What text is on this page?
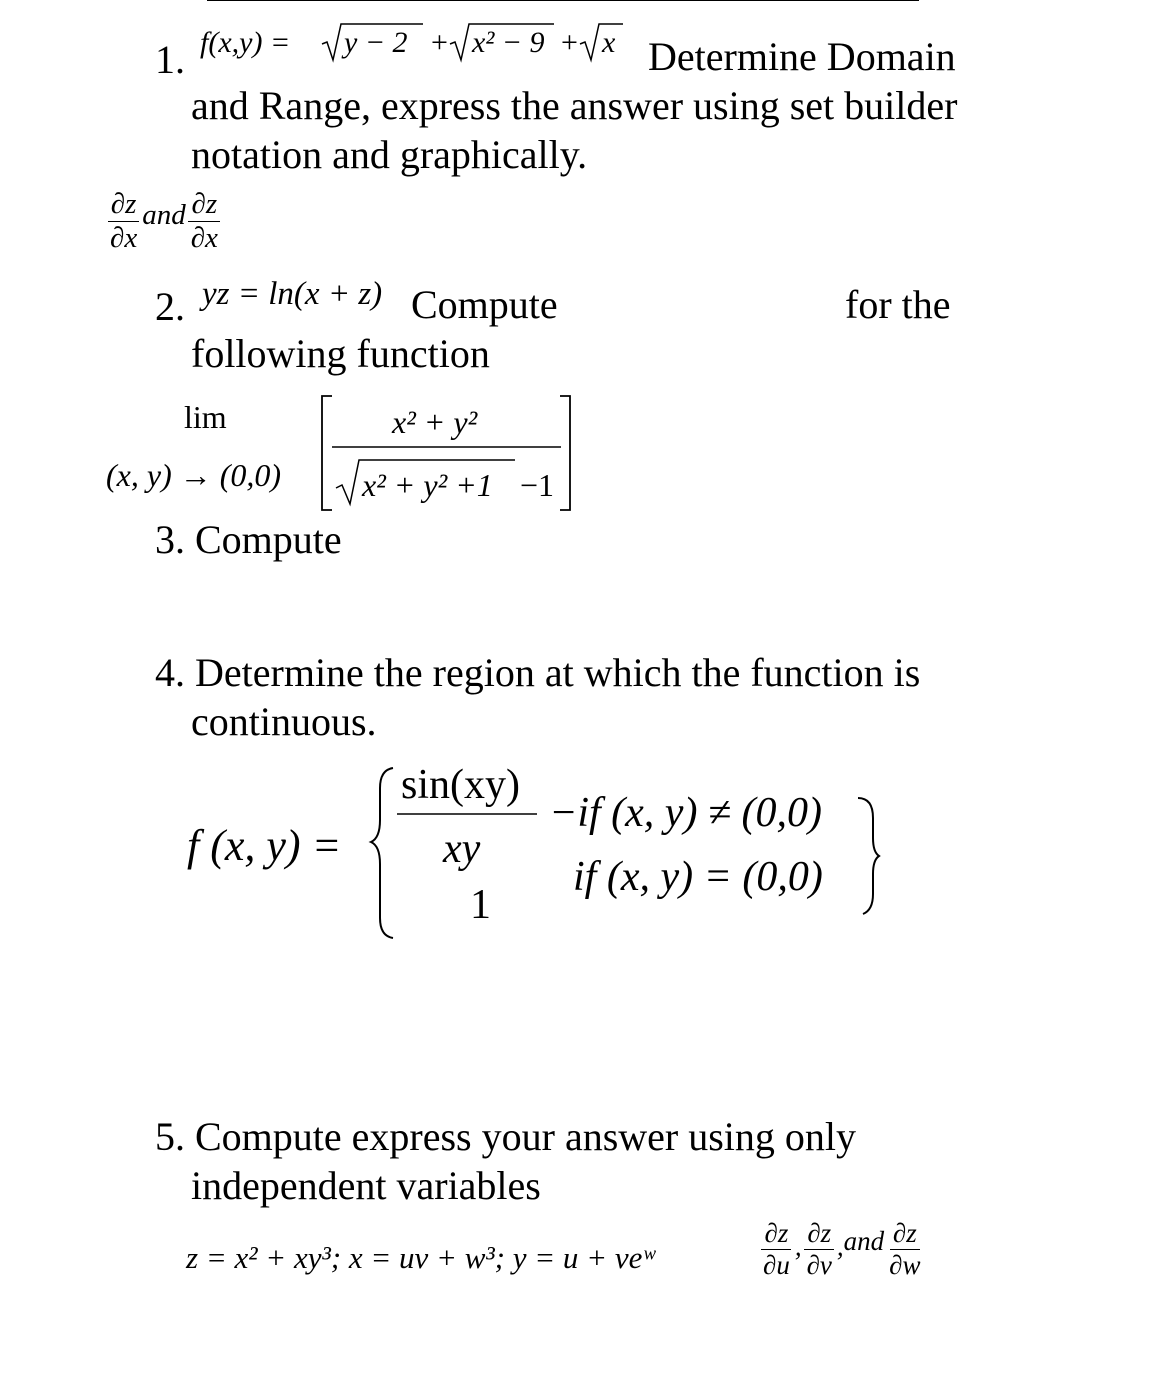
1. f(x,y) = y − 2 + x² − 9 + x Determine Domain
and Range, express the answer using set builder
notation and graphically.
$\frac{\partial z}{\partial x}$ and $\frac{\partial z}{\partial x}$
2. yz = ln(x + z) Compute	for the
following function
lim
(x, y) → (0,0)
x² + y²
x² + y² +1 −1
3. Compute
4. Determine the region at which the function is
continuous.
f (x, y) =
sin(xy)
xy
−if (x, y) ≠ (0,0)
1
if (x, y) = (0,0)
5. Compute express your answer using only
independent variables
z = x² + xy³; x = uv + w³; y = u + veʷ	$\frac{\partial z}{\partial u}$ , $\frac{\partial z}{\partial v} ,and \frac{\partial z}{\partial w}$
